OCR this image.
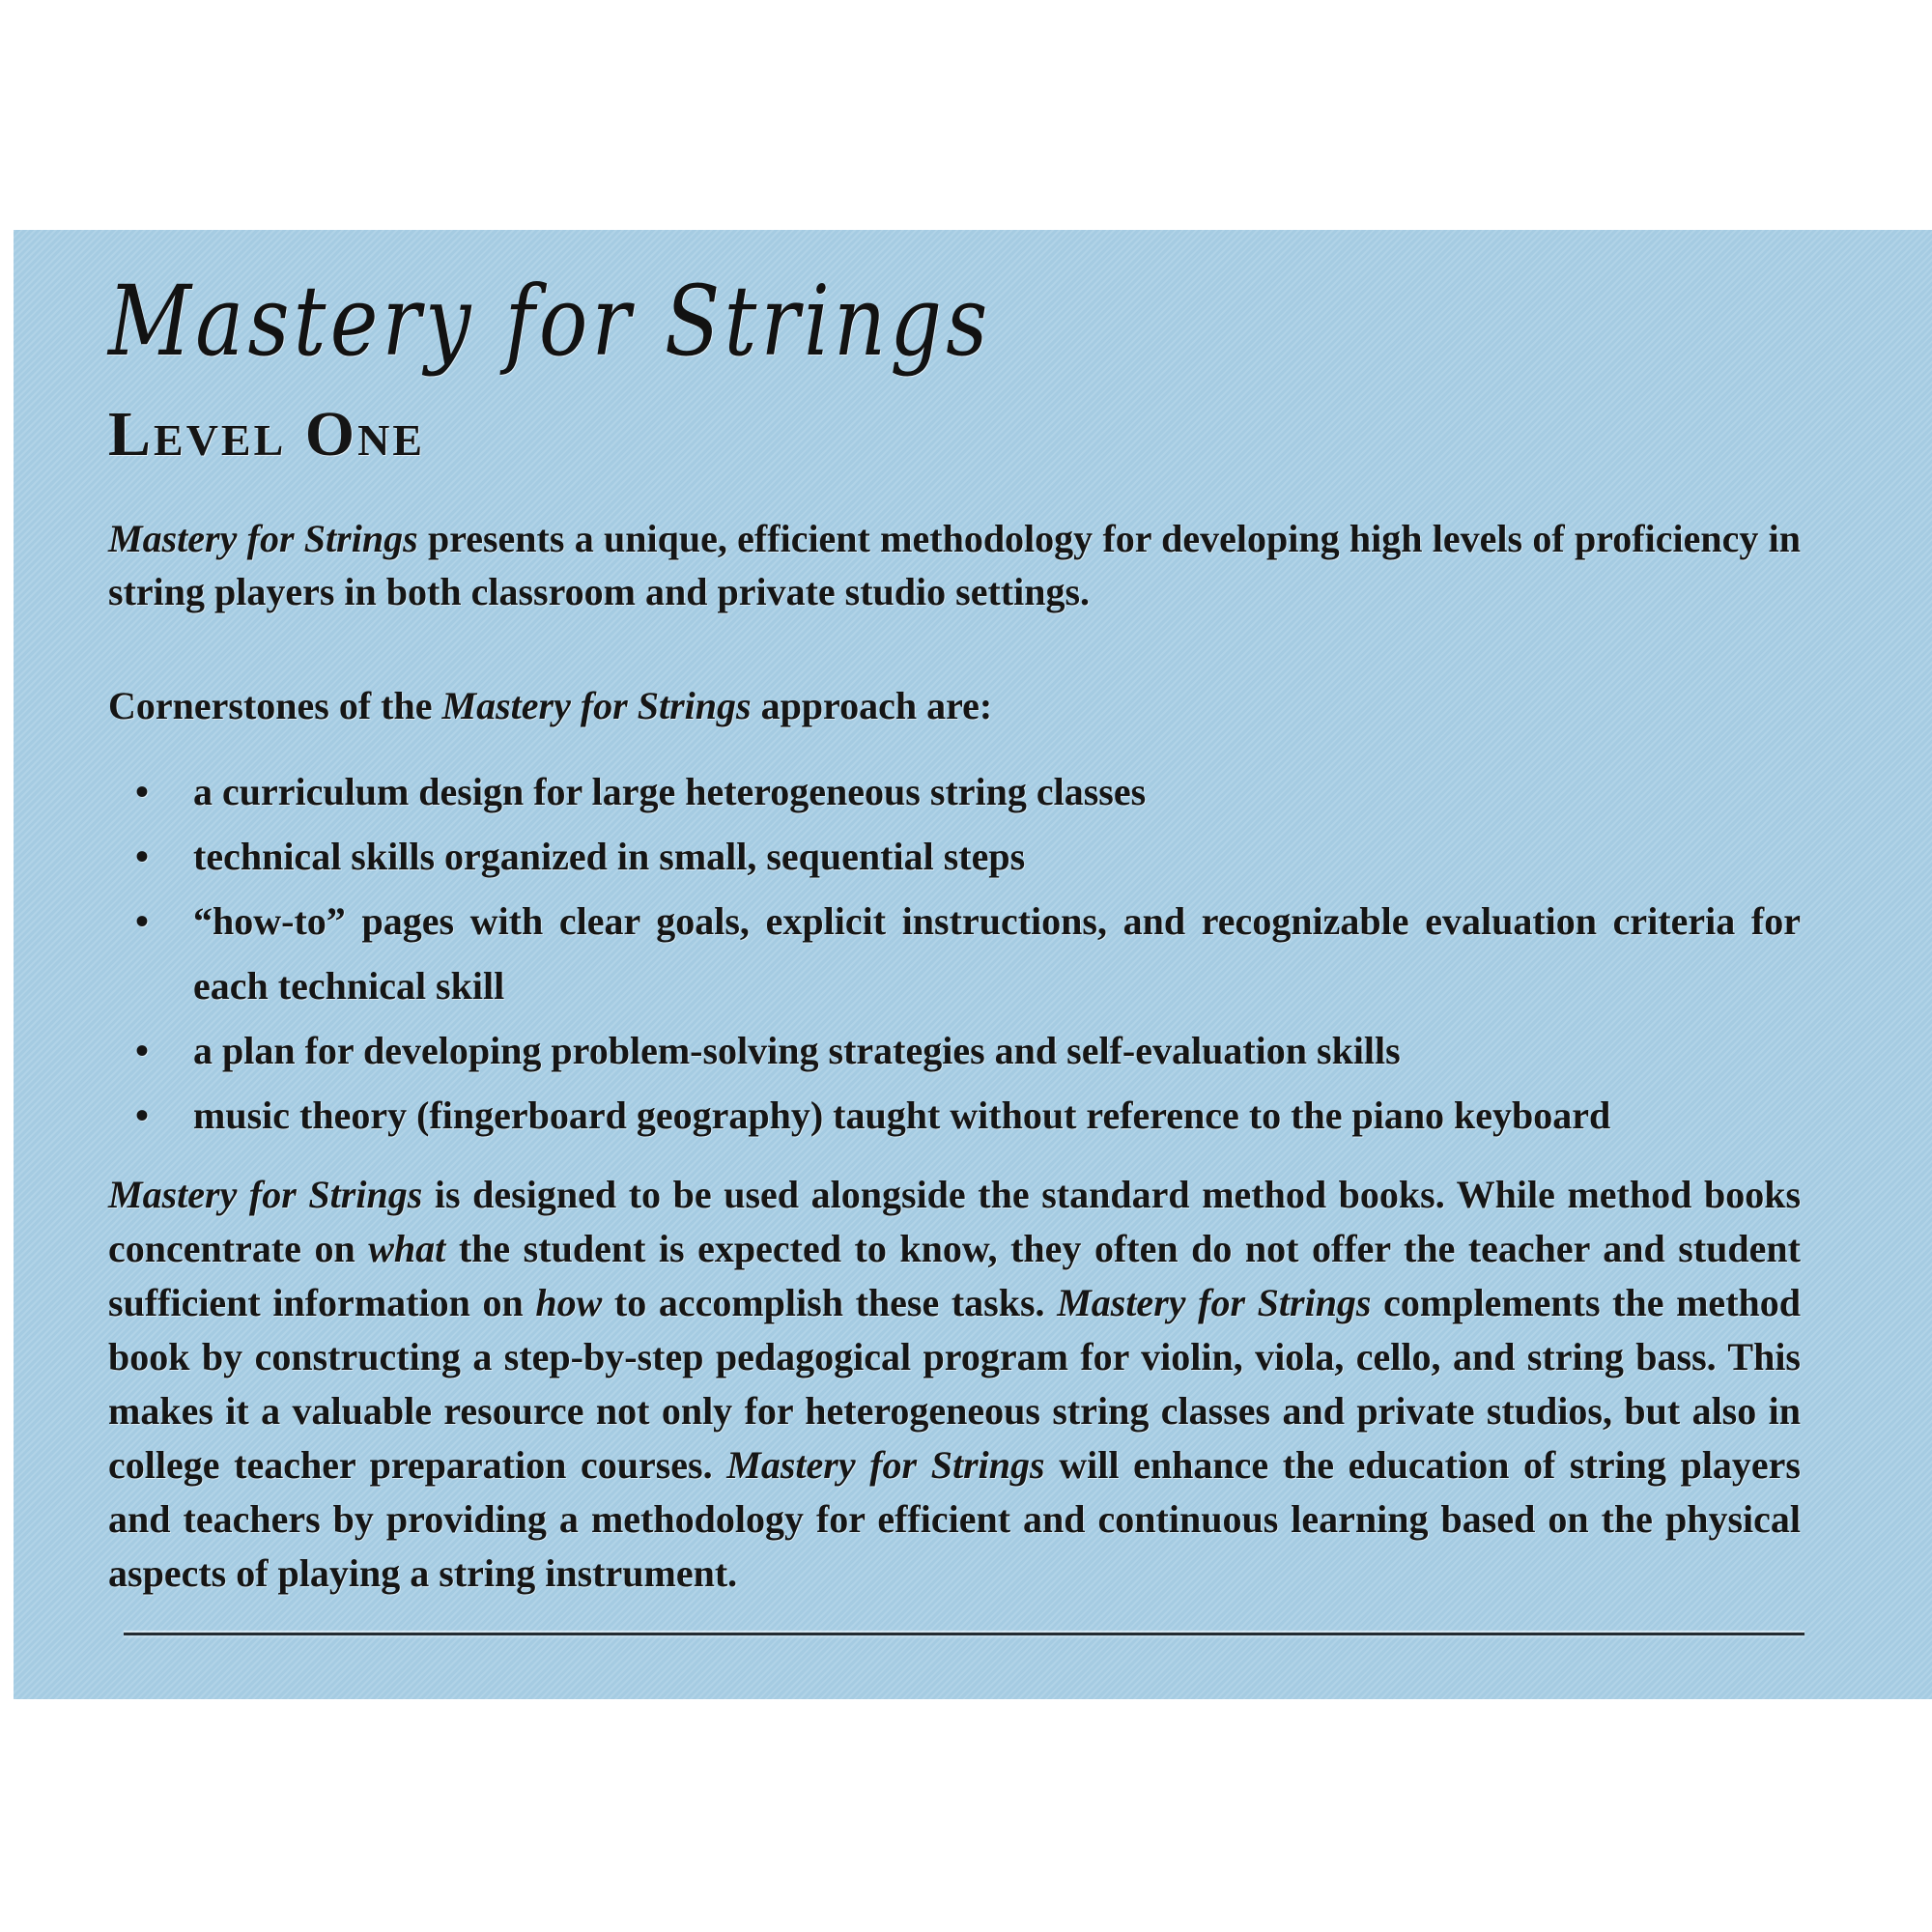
Mastery for Strings
Level One
Mastery for Strings presents a unique, efficient methodology for developing high levels of proficiency in string players in both classroom and private studio settings.
Cornerstones of the Mastery for Strings approach are:
• a curriculum design for large heterogeneous string classes
• technical skills organized in small, sequential steps
• “how-to” pages with clear goals, explicit instructions, and recognizable evaluation criteria for each technical skill
• a plan for developing problem-solving strategies and self-evaluation skills
• music theory (fingerboard geography) taught without reference to the piano keyboard
Mastery for Strings is designed to be used alongside the standard method books. While method books concentrate on what the student is expected to know, they often do not offer the teacher and student sufficient information on how to accomplish these tasks. Mastery for Strings complements the method book by constructing a step-by-step pedagogical program for violin, viola, cello, and string bass. This makes it a valuable resource not only for heterogeneous string classes and private studios, but also in college teacher preparation courses. Mastery for Strings will enhance the education of string players and teachers by providing a methodology for efficient and continuous learning based on the physical aspects of playing a string instrument.
